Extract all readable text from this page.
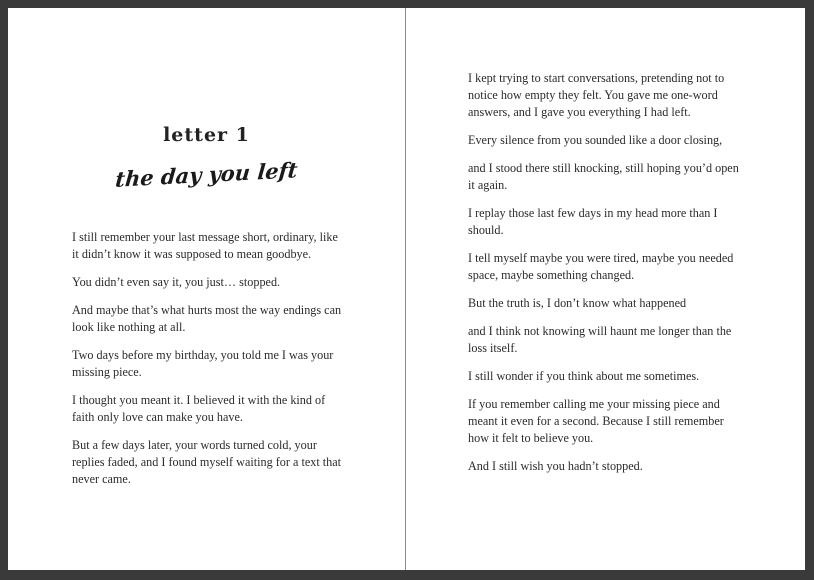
letter 1
the day you left

I still remember your last message short, ordinary, like it didn’t know it was supposed to mean goodbye.

You didn’t even say it, you just… stopped.

And maybe that’s what hurts most the way endings can look like nothing at all.

Two days before my birthday, you told me I was your missing piece.

I thought you meant it. I believed it with the kind of faith only love can make you have.

But a few days later, your words turned cold, your replies faded, and I found myself waiting for a text that never came.

I kept trying to start conversations, pretending not to notice how empty they felt. You gave me one-word answers, and I gave you everything I had left.

Every silence from you sounded like a door closing,

and I stood there still knocking, still hoping you’d open it again.

I replay those last few days in my head more than I should.

I tell myself maybe you were tired, maybe you needed space, maybe something changed.

But the truth is, I don’t know what happened

and I think not knowing will haunt me longer than the loss itself.

I still wonder if you think about me sometimes.

If you remember calling me your missing piece and meant it even for a second. Because I still remember how it felt to believe you.

And I still wish you hadn’t stopped.
